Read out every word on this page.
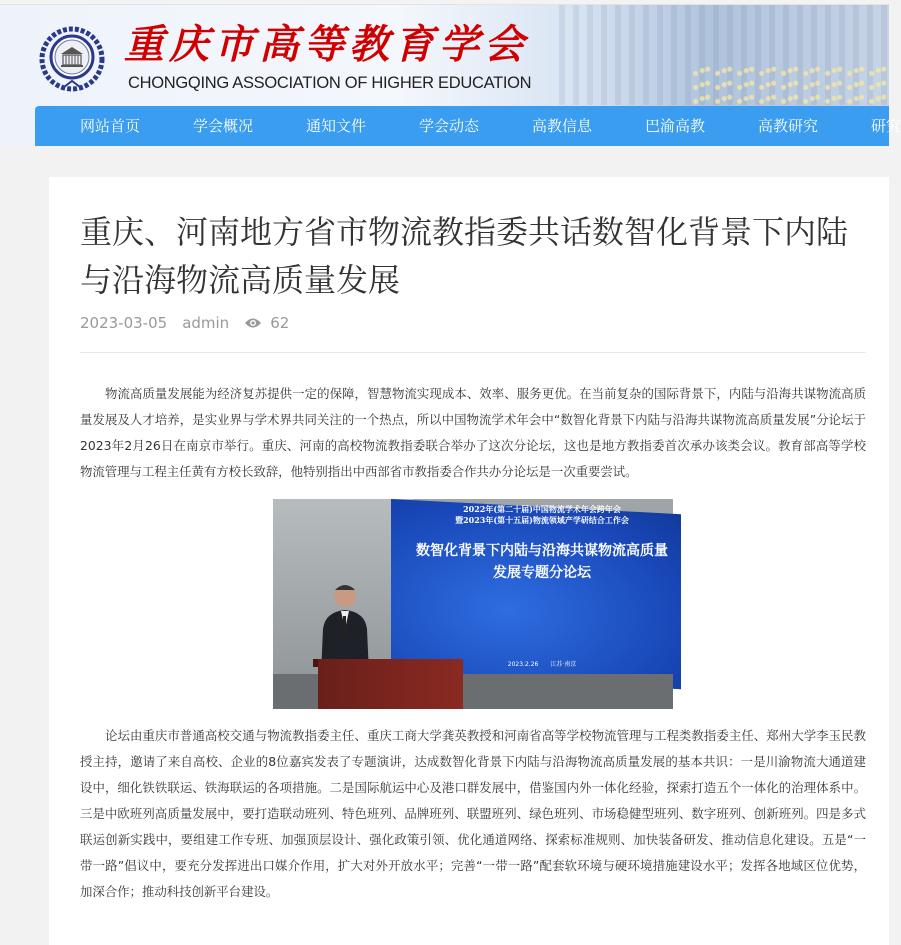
重庆市高等教育学会
CHONGQING ASSOCIATION OF HIGHER EDUCATION
网站首页	学会概况	通知文件	学会动态	高教信息	巴渝高教	高教研究	研究
重庆、河南地方省市物流教指委共话数智化背景下内陆与沿海物流高质量发展
2023-03-05 admin	62

物流高质量发展能为经济复苏提供一定的保障，智慧物流实现成本、效率、服务更优。在当前复杂的国际背景下，内陆与沿海共谋物流高质量发展及人才培养，是实业界与学术界共同关注的一个热点，所以中国物流学术年会中“数智化背景下内陆与沿海共谋物流高质量发展”分论坛于2023年2月26日在南京市举行。重庆、河南的高校物流教指委联合举办了这次分论坛，这也是地方教指委首次承办该类会议。教育部高等学校物流管理与工程主任黄有方校长致辞，他特别指出中西部省市教指委合作共办分论坛是一次重要尝试。

2022年(第二十届)中国物流学术年会跨年会
暨2023年(第十五届)物流领域产学研结合工作会
数智化背景下内陆与沿海共谋物流高质量发展专题分论坛
2023.2.26　　江苏·南京

论坛由重庆市普通高校交通与物流教指委主任、重庆工商大学龚英教授和河南省高等学校物流管理与工程类教指委主任、郑州大学李玉民教授主持，邀请了来自高校、企业的8位嘉宾发表了专题演讲，达成数智化背景下内陆与沿海物流高质量发展的基本共识：一是川渝物流大通道建设中，细化铁铁联运、铁海联运的各项措施。二是国际航运中心及港口群发展中，借鉴国内外一体化经验，探索打造五个一体化的治理体系中。三是中欧班列高质量发展中，要打造联动班列、特色班列、品牌班列、联盟班列、绿色班列、市场稳健型班列、数字班列、创新班列。四是多式联运创新实践中，要组建工作专班、加强顶层设计、强化政策引领、优化通道网络、探索标准规则、加快装备研发、推动信息化建设。五是“一带一路”倡议中，要充分发挥进出口媒介作用，扩大对外开放水平；完善“一带一路”配套软环境与硬环境措施建设水平；发挥各地域区位优势，加深合作；推动科技创新平台建设。
